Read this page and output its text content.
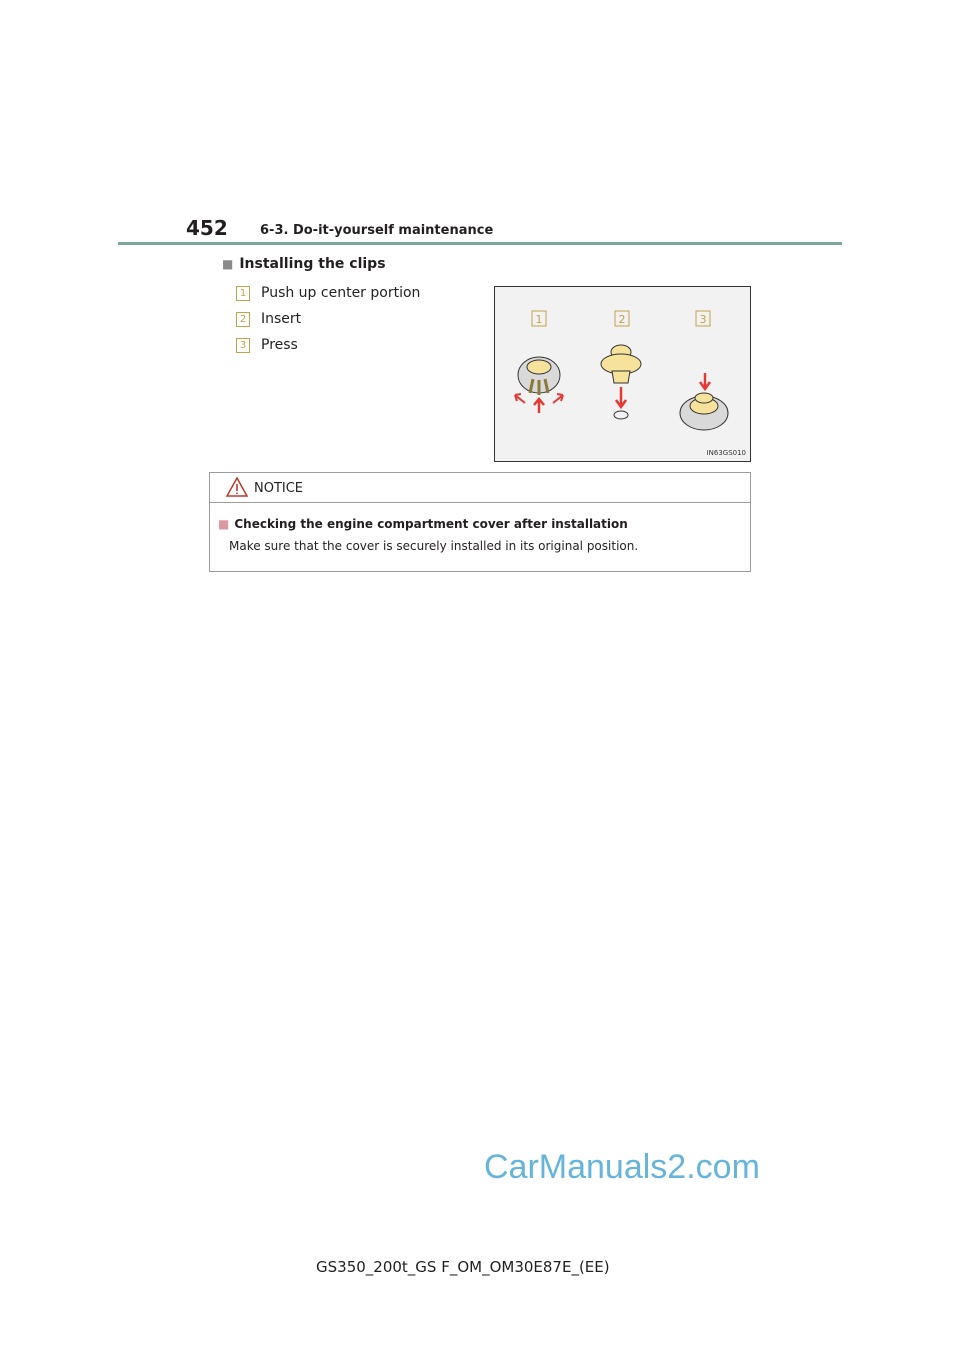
452 6-3. Do-it-yourself maintenance
■ Installing the clips
1 Push up center portion
2 Insert
3 Press
1	2	3
IN63GS010
NOTICE
■ Checking the engine compartment cover after installation
Make sure that the cover is securely installed in its original position.
CarManuals2.com
GS350_200t_GS F_OM_OM30E87E_(EE)
